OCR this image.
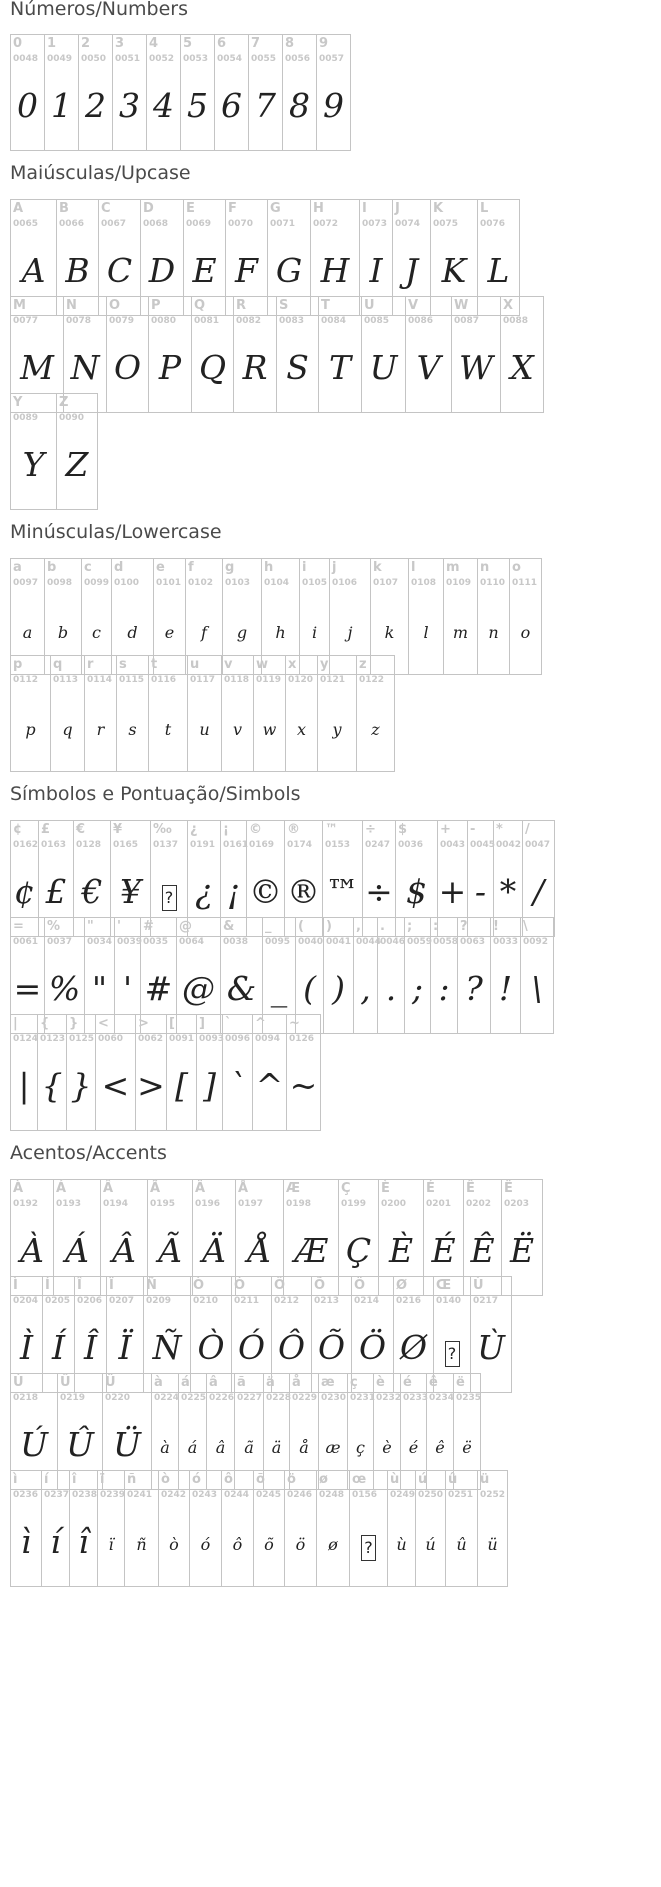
Números/Numbers
0
0048
0
1
0049
1
2
0050
2
3
0051
3
4
0052
4
5
0053
5
6
0054
6
7
0055
7
8
0056
8
9
0057
9
Maiúsculas/Upcase
A
0065
A
B
0066
B
C
0067
C
D
0068
D
E
0069
E
F
0070
F
G
0071
G
H
0072
H
I
0073
I
J
0074
J
K
0075
K
L
0076
L
M
0077
M
N
0078
N
O
0079
O
P
0080
P
Q
0081
Q
R
0082
R
S
0083
S
T
0084
T
U
0085
U
V
0086
V
W
0087
W
X
0088
X
Y
0089
Y
Z
0090
Z
Minúsculas/Lowercase
a
0097
a
b
0098
b
c
0099
c
d
0100
d
e
0101
e
f
0102
f
g
0103
g
h
0104
h
i
0105
i
j
0106
j
k
0107
k
l
0108
l
m
0109
m
n
0110
n
o
0111
o
p
0112
p
q
0113
q
r
0114
r
s
0115
s
t
0116
t
u
0117
u
v
0118
v
w
0119
w
x
0120
x
y
0121
y
z
0122
z
Símbolos e Pontuação/Simbols
¢
0162
¢
£
0163
£
€
0128
€
¥
0165
¥
‰
0137
?
¿
0191
¿
¡
0161
¡
©
0169
©
®
0174
®
™
0153
™
÷
0247
÷
$
0036
$
+
0043
+
-
0045
-
*
0042
*
/
0047
/
=
0061
=
%
0037
%
"
0034
"
'
0039
'
#
0035
#
@
0064
@
&
0038
&
_
0095
_
(
0040
(
)
0041
)
,
0044
,
.
0046
.
;
0059
;
:
0058
:
?
0063
?
!
0033
!
\
0092
\
|
0124
|
{
0123
{
}
0125
}
<
0060
<
>
0062
>
[
0091
[
]
0093
]
`
0096
`
^
0094
^
~
0126
~
Acentos/Accents
À
0192
À
Á
0193
Á
Â
0194
Â
Ã
0195
Ã
Ä
0196
Ä
Å
0197
Å
Æ
0198
Æ
Ç
0199
Ç
È
0200
È
É
0201
É
Ê
0202
Ê
Ë
0203
Ë
Ì
0204
Ì
Í
0205
Í
Î
0206
Î
Ï
0207
Ï
Ñ
0209
Ñ
Ò
0210
Ò
Ó
0211
Ó
Ô
0212
Ô
Õ
0213
Õ
Ö
0214
Ö
Ø
0216
Ø
Œ
0140
?
Ù
0217
Ù
Ú
0218
Ú
Û
0219
Û
Ü
0220
Ü
à
0224
à
á
0225
á
â
0226
â
ã
0227
ã
ä
0228
ä
å
0229
å
æ
0230
æ
ç
0231
ç
è
0232
è
é
0233
é
ê
0234
ê
ë
0235
ë
ì
0236
ì
í
0237
í
î
0238
î
ï
0239
ï
ñ
0241
ñ
ò
0242
ò
ó
0243
ó
ô
0244
ô
õ
0245
õ
ö
0246
ö
ø
0248
ø
œ
0156
?
ù
0249
ù
ú
0250
ú
û
0251
û
ü
0252
ü
